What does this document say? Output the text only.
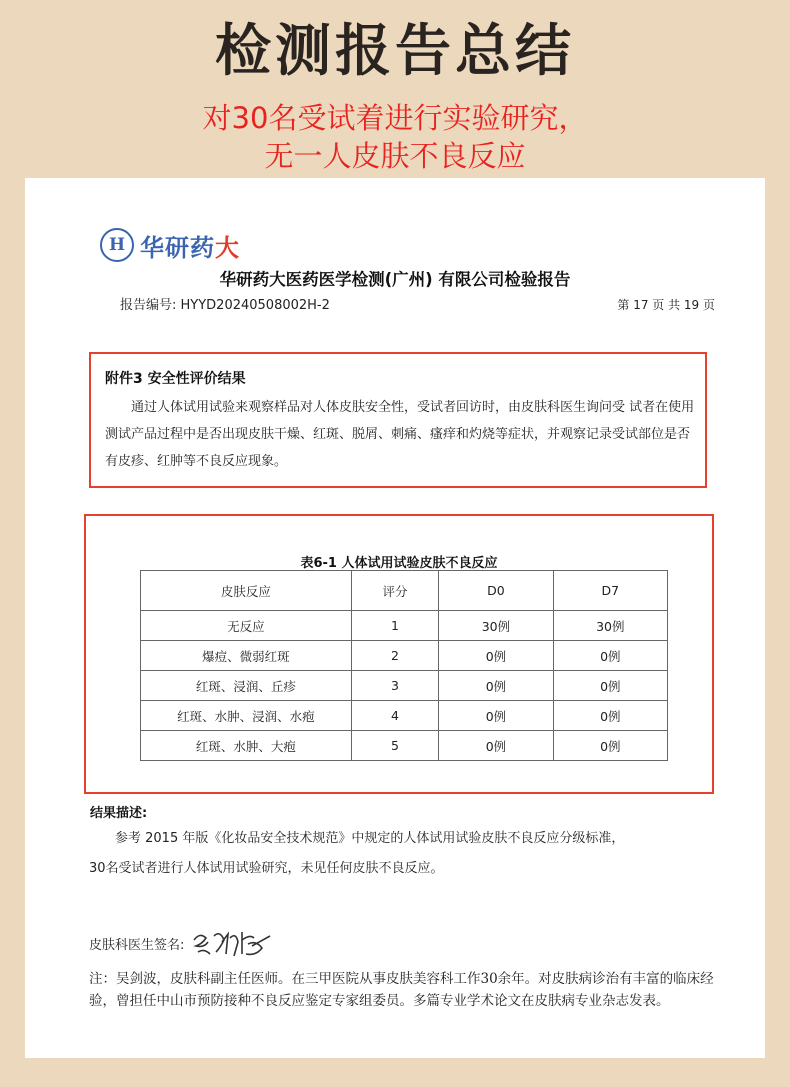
检测报告总结
对30名受试着进行实验研究，
无一人皮肤不良反应
H 华研药大
华研药大医药医学检测(广州) 有限公司检验报告
报告编号: HYYD20240508002H-2	第 17 页 共 19 页
附件3 安全性评价结果
通过人体试用试验来观察样品对人体皮肤安全性，受试者回访时，由皮肤科医生询问受 试者在使用测试产品过程中是否出现皮肤干燥、红斑、脱屑、刺痛、瘙痒和灼烧等症状，并观察记录受试部位是否有皮疹、红肿等不良反应现象。
表6-1 人体试用试验皮肤不良反应
皮肤反应	评分	D0	D7
无反应	1	30例	30例
爆痘、微弱红斑	2	0例	0例
红斑、浸润、丘疹	3	0例	0例
红斑、水肿、浸润、水疱	4	0例	0例
红斑、水肿、大疱	5	0例	0例
结果描述:
参考 2015 年版《化妆品安全技术规范》中规定的人体试用试验皮肤不良反应分级标准，
30名受试者进行人体试用试验研究，未见任何皮肤不良反应。
皮肤科医生签名:
注：吴剑波，皮肤科副主任医师。在三甲医院从事皮肤美容科工作30余年。对皮肤病诊治有丰富的临床经验，曾担任中山市预防接种不良反应鉴定专家组委员。多篇专业学术论文在皮肤病专业杂志发表。
